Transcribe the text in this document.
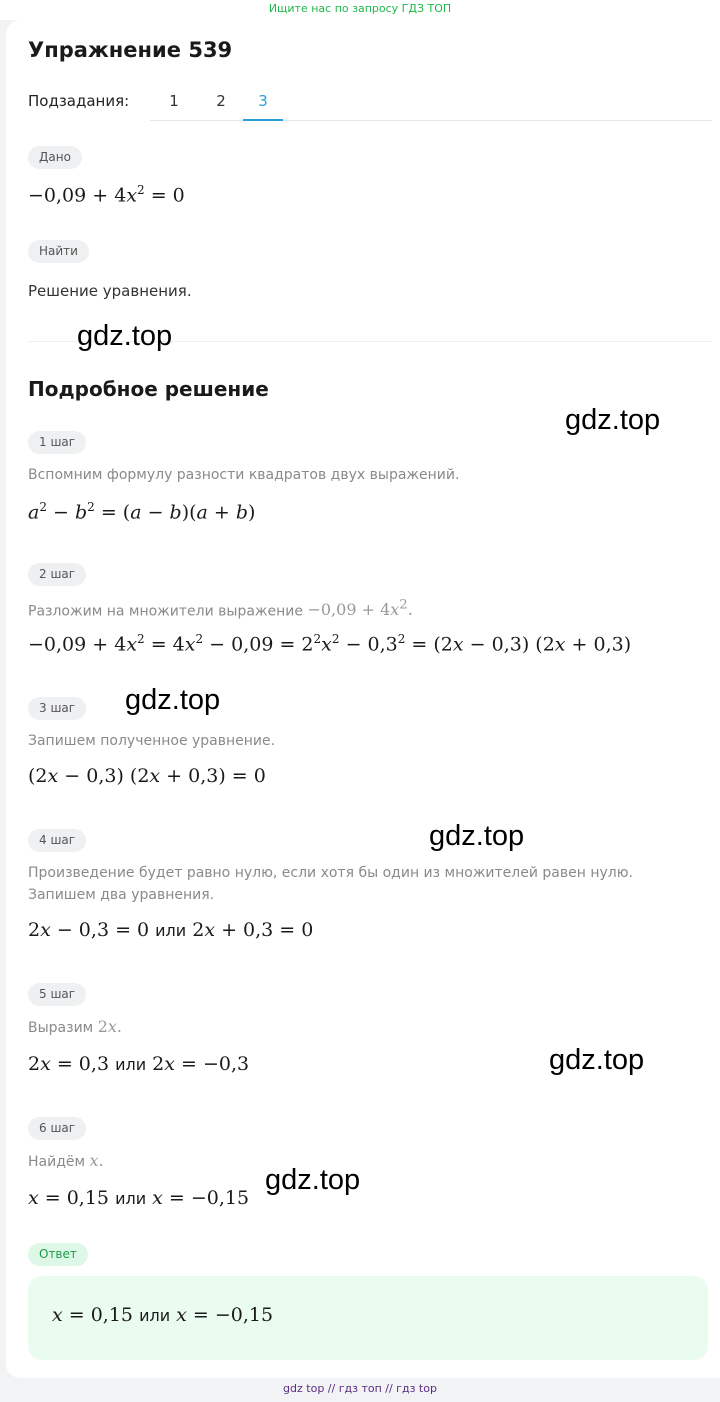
Ищите нас по запросу ГДЗ ТОП
Упражнение 539
Подзадания:	1	2	3
Дано
$-0,09 + 4x^2 = 0$
Найти
Решение уравнения.
Подробное решение
1 шаг
Вспомним формулу разности квадратов двух выражений.
$a^2 - b^2 = (a - b)(a + b)$
2 шаг
Разложим на множители выражение $-0,09 + 4x^2$.
$-0,09 + 4x^2 = 4x^2 - 0,09 = 2^2x^2 - 0,3^2 = (2x - 0,3) (2x + 0,3)$
3 шаг
Запишем полученное уравнение.
(2x − 0,3) (2x + 0,3) = 0
4 шаг
Произведение будет равно нулю, если хотя бы один из множителей равен нулю. Запишем два уравнения.
2x − 0,3 = 0 или 2x + 0,3 = 0
5 шаг
Выразим 2x.
2x = 0,3 или 2x = −0,3
6 шаг
Найдём x.
x = 0,15 или x = −0,15
Ответ
x = 0,15 или x = −0,15
gdz.top
gdz.top
gdz.top
gdz.top
gdz.top
gdz.top
gdz top // гдз топ // гдз top
